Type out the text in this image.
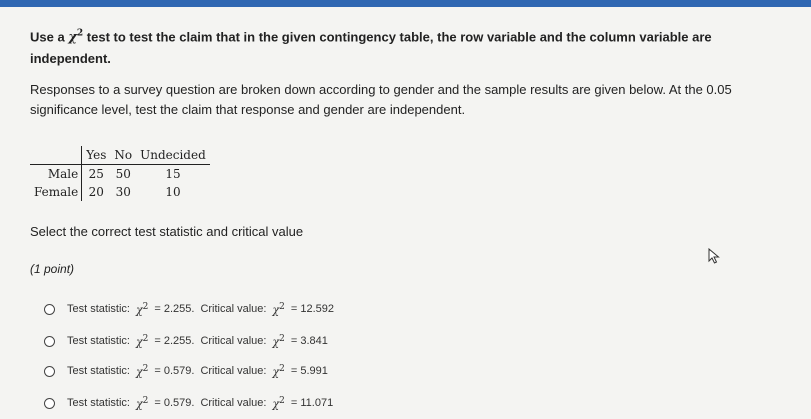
Use a $\chi^2$ test to test the claim that in the given contingency table, the row variable and the column variable are independent.
Responses to a survey question are broken down according to gender and the sample results are given below. At the 0.05 significance level, test the claim that response and gender are independent.
	Yes	No	Undecided
Male	25	50	15
Female	20	30	10
Select the correct test statistic and critical value
(1 point)
Test statistic: $\chi^2 = 2.255$. Critical value: $\chi^2 = 12.592$
Test statistic: $\chi^2 = 2.255$. Critical value: $\chi^2 = 3.841$
Test statistic: $\chi^2 = 0.579$. Critical value: $\chi^2 = 5.991$
Test statistic: $\chi^2 = 0.579$. Critical value: $\chi^2 = 11.071$
